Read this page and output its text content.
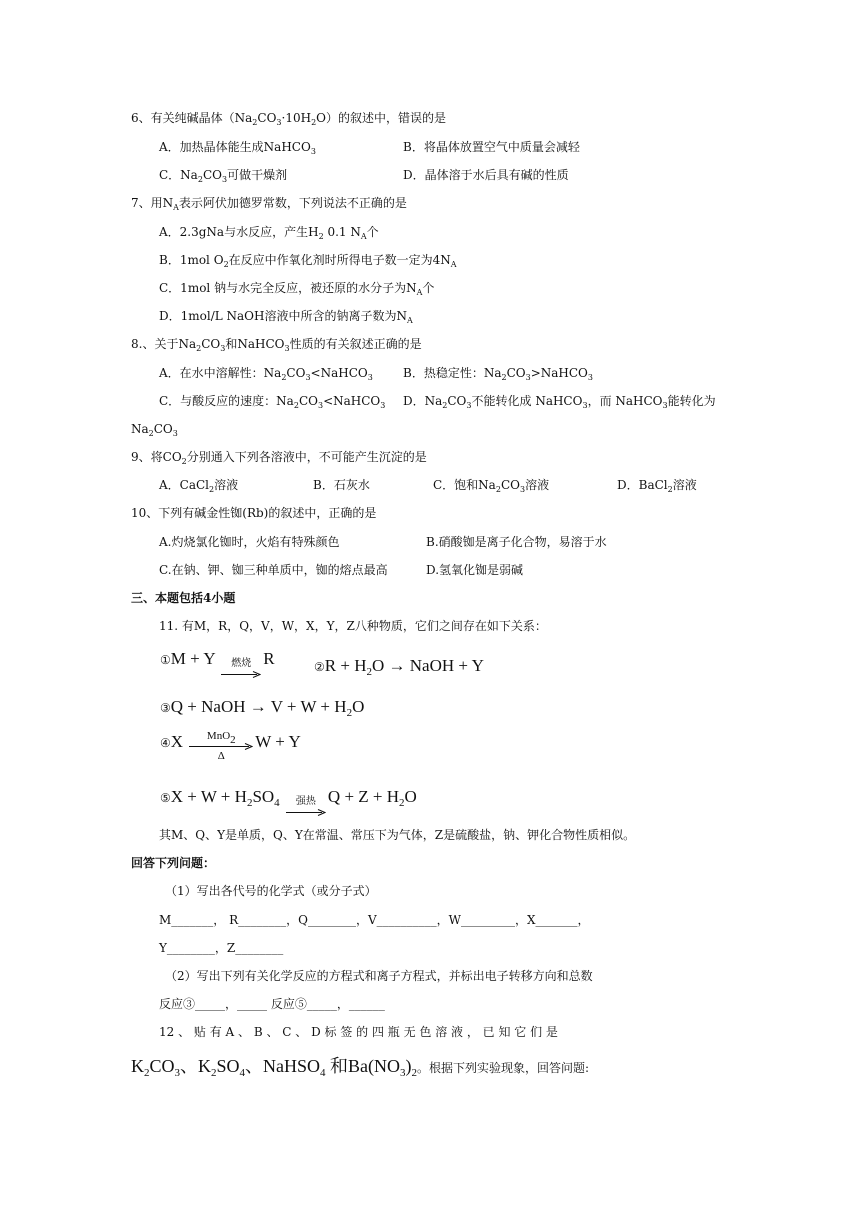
6、有关纯碱晶体$(Na_2CO_3\cdot 10H_2O)$的叙述中，错误的是
A．加热晶体能生成NaHCO$_3$	B．将晶体放置空气中质量会减轻
C．$Na_2CO_3$可做干燥剂	D．晶体溶于水后具有碱的性质
7、用$N_A$表示阿伏加德罗常数，下列说法不正确的是
A．2.3gNa与水反应，产生$H_2$ 0.1 $N_A$个
B．1mol $O_2$在反应中作氧化剂时所得电子数一定为$4N_A$
C．1mol 钠与水完全反应，被还原的水分子为$N_A$个
D．1mol/L NaOH溶液中所含的钠离子数为$N_A$
8.、关于$Na_2CO_3$和NaHCO$_3$性质的有关叙述正确的是
A．在水中溶解性：$Na_2CO_3<NaHCO_3$	B．热稳定性：$Na_2CO_3>NaHCO_3$
C．与酸反应的速度：$Na_2CO_3<NaHCO_3$ D．$Na_2CO_3$不能转化成 NaHCO$_3$，而 NaHCO$_3$能转化为
$Na_2CO_3$
9、将$CO_2$分别通入下列各溶液中，不可能产生沉淀的是
A．CaCl$_2$溶液	B．石灰水	C．饱和$Na_2CO_3$溶液	D．BaCl$_2$溶液
10、下列有碱金性铷(Rb)的叙述中，正确的是
A.灼烧氯化铷时，火焰有特殊颜色	B.硝酸铷是离子化合物，易溶于水
C.在钠、钾、铷三种单质中，铷的熔点最高	D.氢氧化铷是弱碱
三、本题包括4小题
11. 有M，R，Q，V，W，X，Y，Z八种物质，它们之间存在如下关系：
①M + Y	燃烧 R	②R + $H_2O$ → NaOH + Y
③Q + NaOH → $V + W + H_2O$
④X	MnO$_2$
Δ
W + Y
⑤X + $W + H_2SO_4$	强热 $Q + Z + H_2O$
其M、Q、Y是单质，Q、Y在常温、常压下为气体，Z是硫酸盐，钠、钾化合物性质相似。
回答下列问题：
（1）写出各代号的化学式（或分子式）
M_______， R________，Q________，V__________，W_________，X_______，
Y________，Z________
（2）写出下列有关化学反应的方程式和离子方程式，并标出电子转移方向和总数
反应③_____，_____ 反应⑤_____，______
12 、 贴 有 A 、 B 、 C 、 D 标 签 的 四 瓶 无 色 溶 液 ， 已 知 它 们 是
$K_2CO_3$、$K_2SO_4$、NaHSO$_4$ 和$Ba(NO_3)_2$。根据下列实验现象，回答问题:
